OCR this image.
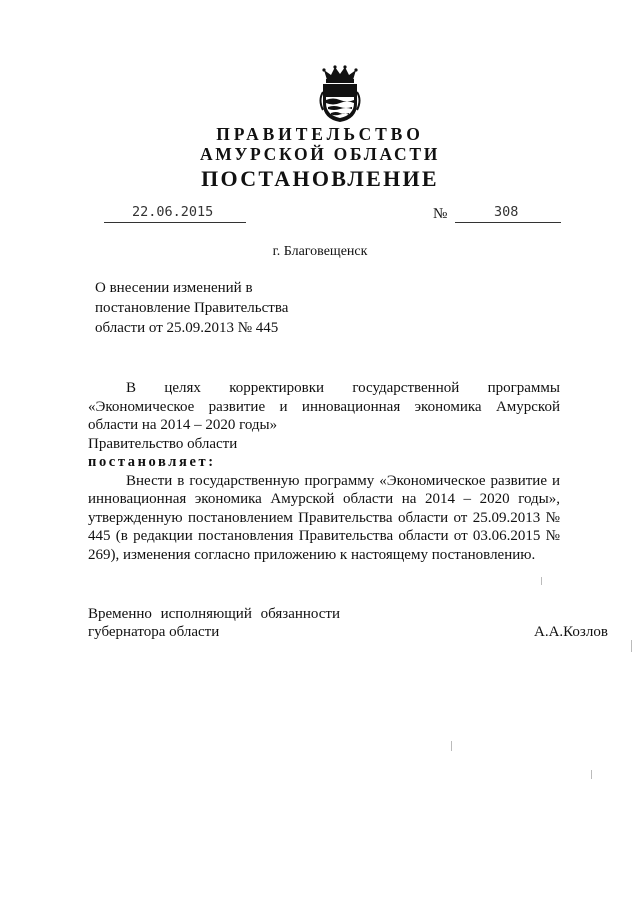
ПРАВИТЕЛЬСТВО
АМУРСКОЙ ОБЛАСТИ
ПОСТАНОВЛЕНИЕ
22.06.2015	№	308
г. Благовещенск
О внесении изменений в
постановление Правительства
области от 25.09.2013 № 445

В целях корректировки государственной программы «Экономическое развитие и инновационная экономика Амурской области на 2014 – 2020 годы»

Правительство области

постановляет:

Внести в государственную программу «Экономическое развитие и инновационная экономика Амурской области на 2014 – 2020 годы», утвержденную постановлением Правительства области от 25.09.2013 № 445 (в редакции постановления Правительства области от 03.06.2015 № 269), изменения согласно приложению к настоящему постановлению.

Временно исполняющий обязанности
губернатора области	А.А.Козлов
